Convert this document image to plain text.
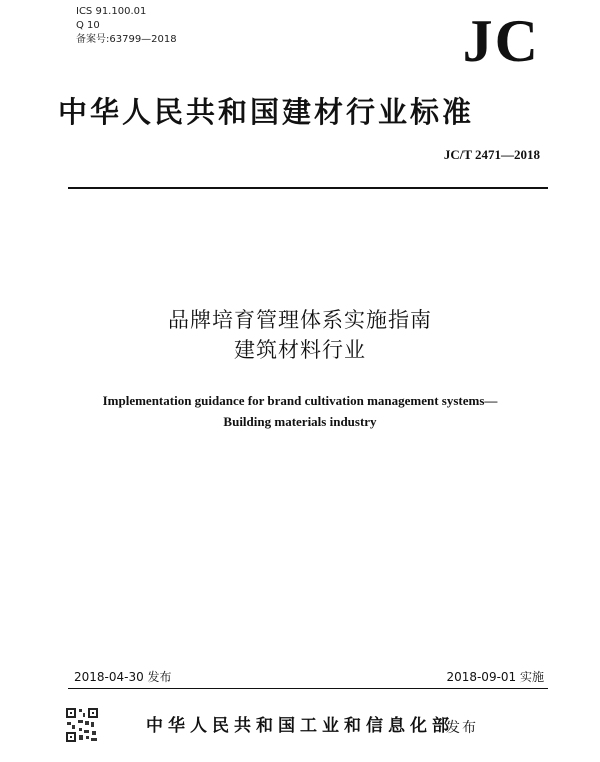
ICS 91.100.01
Q 10
备案号:63799—2018	JC
中华人民共和国建材行业标准
JC/T 2471—2018
品牌培育管理体系实施指南
建筑材料行业
Implementation guidance for brand cultivation management systems—
Building materials industry
2018-04-30 发布	2018-09-01 实施
中华人民共和国工业和信息化部
发布
